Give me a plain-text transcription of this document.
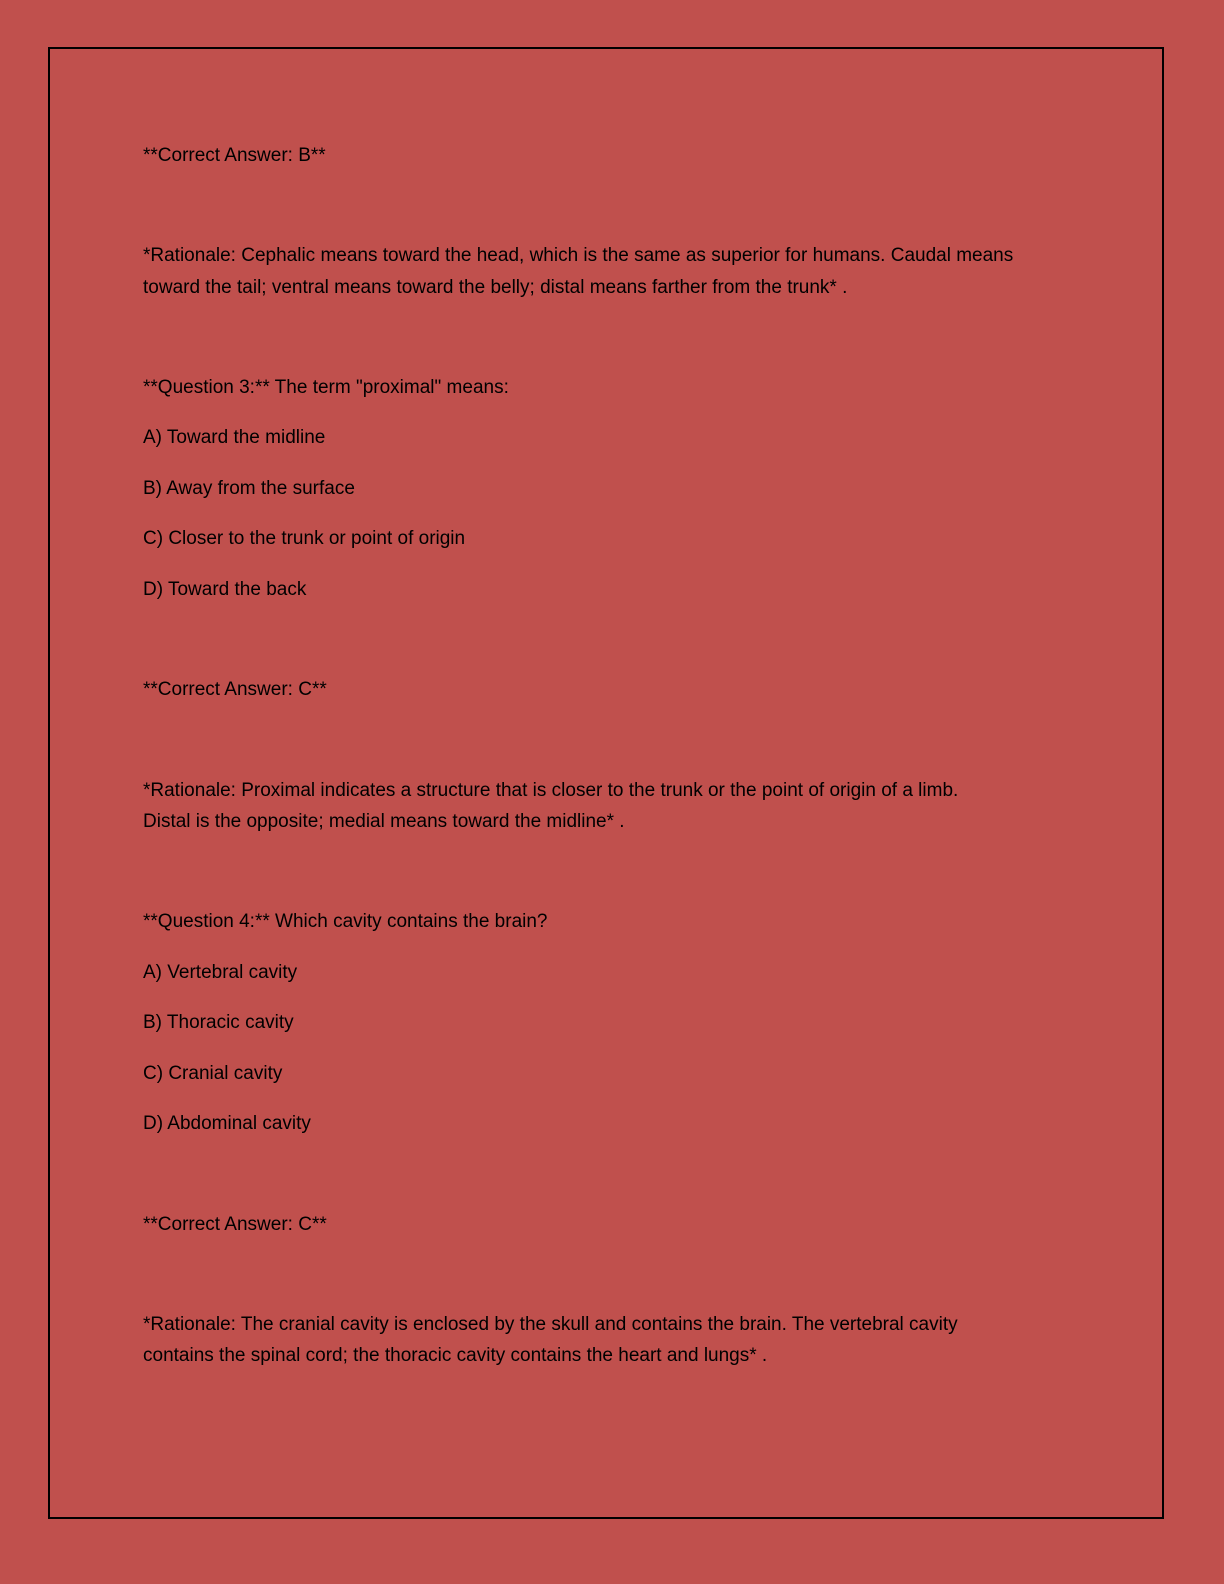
**Correct Answer: B**
*Rationale: Cephalic means toward the head, which is the same as superior for humans. Caudal means
toward the tail; ventral means toward the belly; distal means farther from the trunk* .
**Question 3:** The term "proximal" means:
A) Toward the midline
B) Away from the surface
C) Closer to the trunk or point of origin
D) Toward the back
**Correct Answer: C**
*Rationale: Proximal indicates a structure that is closer to the trunk or the point of origin of a limb.
Distal is the opposite; medial means toward the midline* .
**Question 4:** Which cavity contains the brain?
A) Vertebral cavity
B) Thoracic cavity
C) Cranial cavity
D) Abdominal cavity
**Correct Answer: C**
*Rationale: The cranial cavity is enclosed by the skull and contains the brain. The vertebral cavity
contains the spinal cord; the thoracic cavity contains the heart and lungs* .
